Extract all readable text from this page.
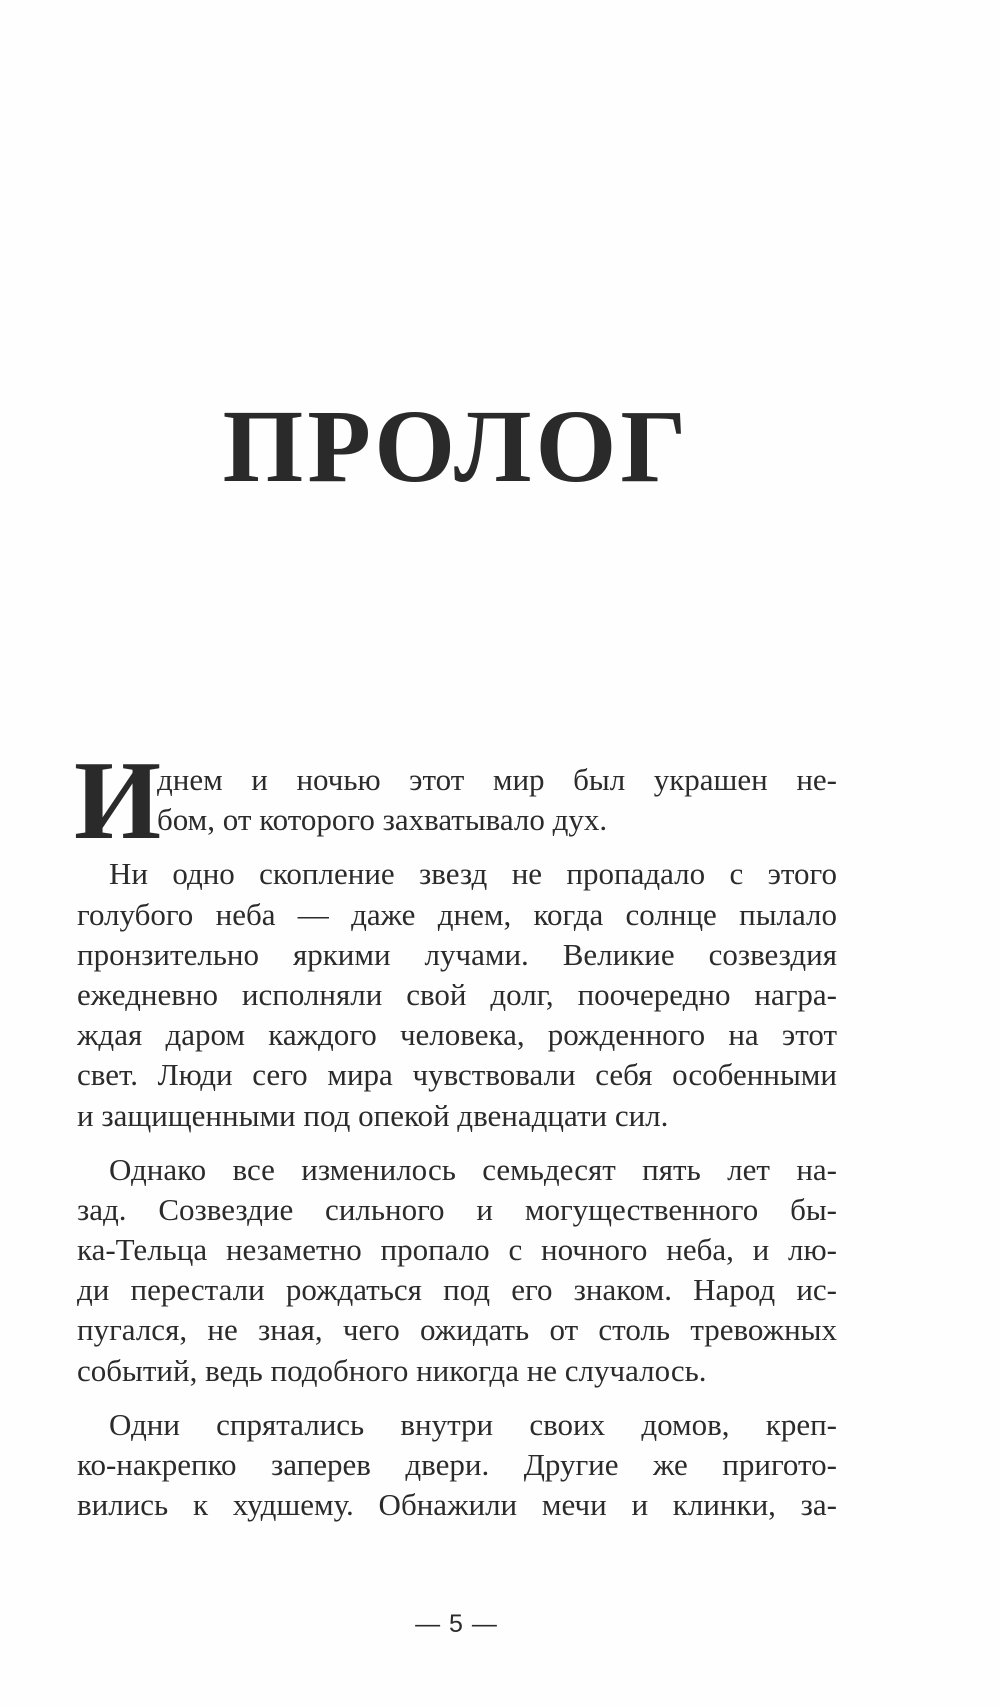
ПРОЛОГ

И
днем и ночью этот мир был украшен не-
бом, от которого захватывало дух.

Ни одно скопление звезд не пропадало с этого
голубого неба — даже днем, когда солнце пылало
пронзительно яркими лучами. Великие созвездия
ежедневно исполняли свой долг, поочередно награ-
ждая даром каждого человека, рожденного на этот
свет. Люди сего мира чувствовали себя особенными
и защищенными под опекой двенадцати сил.

Однако все изменилось семьдесят пять лет на-
зад. Созвездие сильного и могущественного бы-
ка-Тельца незаметно пропало с ночного неба, и лю-
ди перестали рождаться под его знаком. Народ ис-
пугался, не зная, чего ожидать от столь тревожных
событий, ведь подобного никогда не случалось.

Одни спрятались внутри своих домов, креп-
ко-накрепко заперев двери. Другие же пригото-
вились к худшему. Обнажили мечи и клинки, за-

— 5 —
